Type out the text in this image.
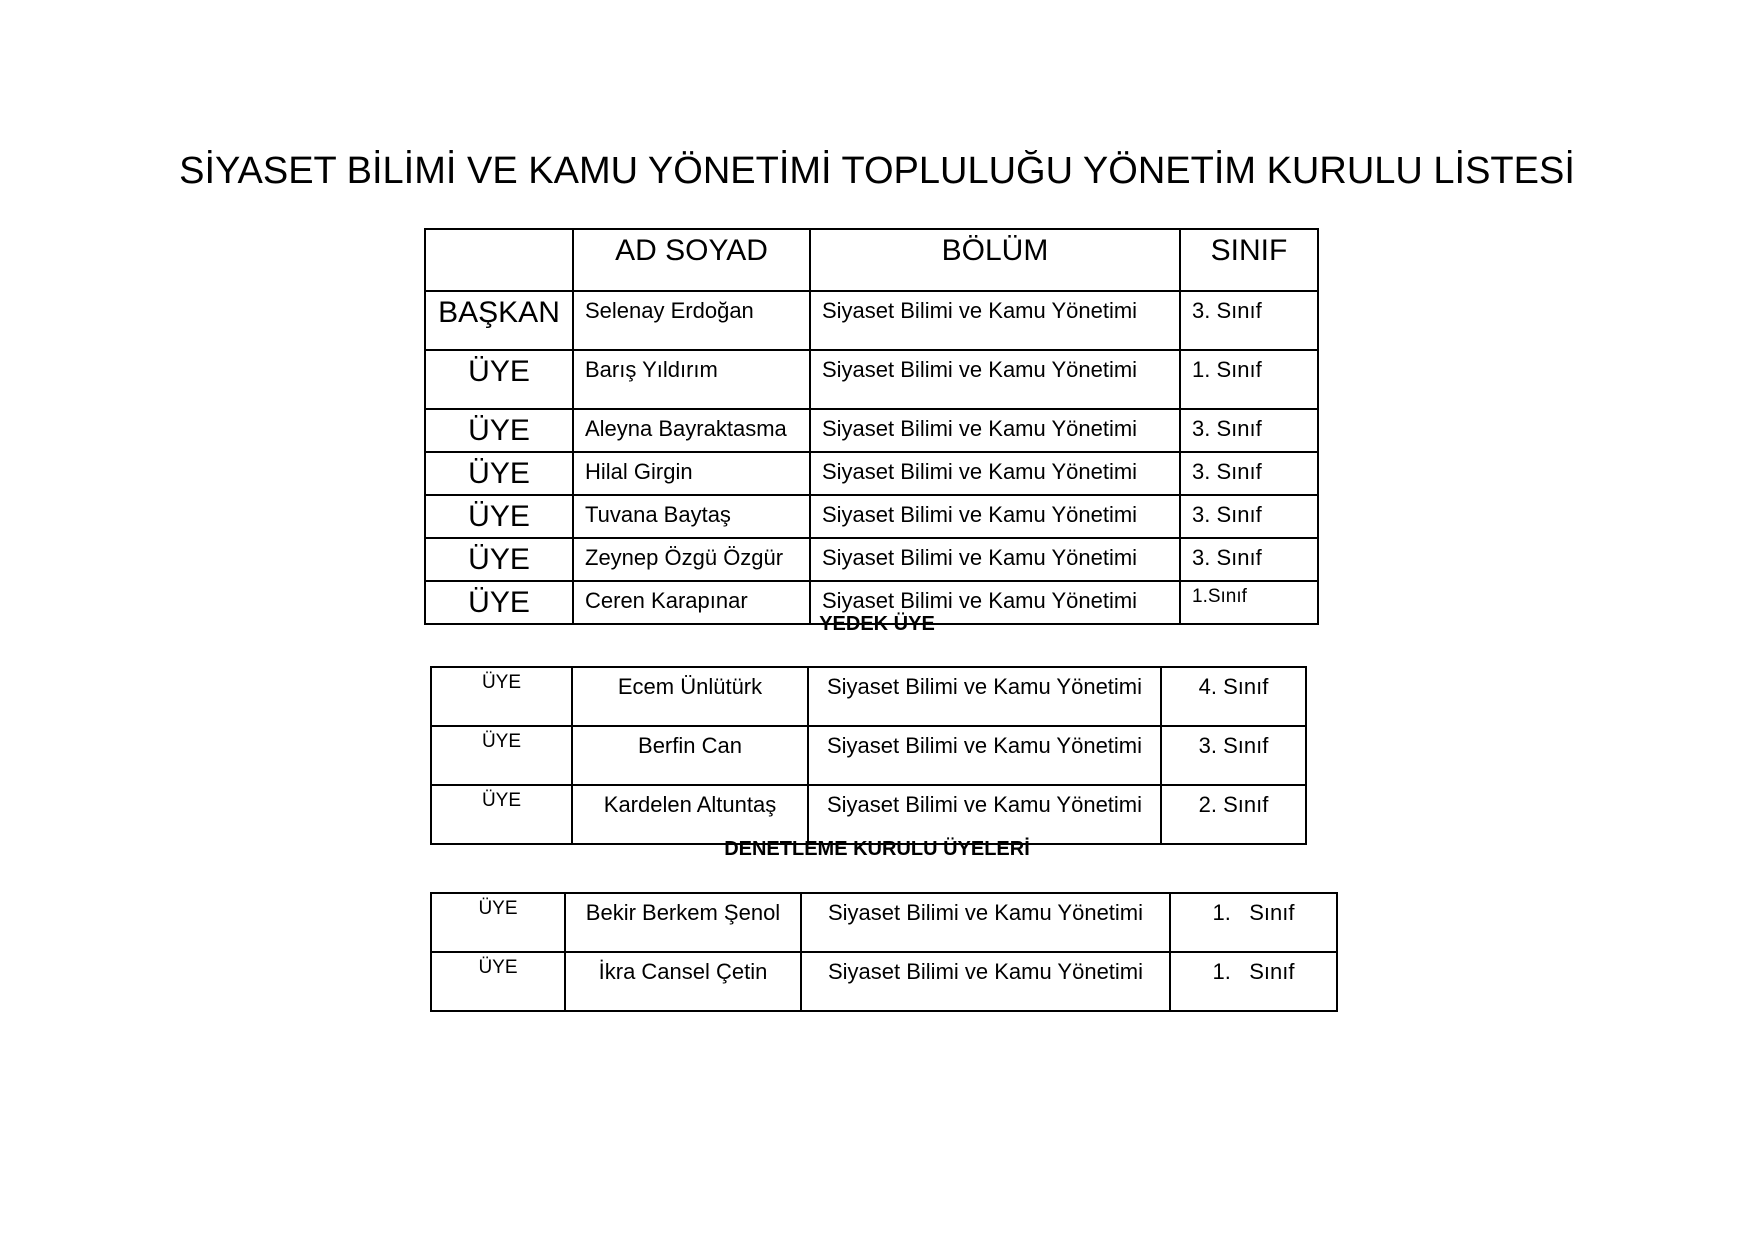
SİYASET BİLİMİ VE KAMU YÖNETİMİ TOPLULUĞU YÖNETİM KURULU LİSTESİ
	AD SOYAD	BÖLÜM	SINIF
BAŞKAN	Selenay Erdoğan	Siyaset Bilimi ve Kamu Yönetimi	3. Sınıf
ÜYE	Barış Yıldırım	Siyaset Bilimi ve Kamu Yönetimi	1. Sınıf
ÜYE	Aleyna Bayraktasma	Siyaset Bilimi ve Kamu Yönetimi	3. Sınıf
ÜYE	Hilal Girgin	Siyaset Bilimi ve Kamu Yönetimi	3. Sınıf
ÜYE	Tuvana Baytaş	Siyaset Bilimi ve Kamu Yönetimi	3. Sınıf
ÜYE	Zeynep Özgü Özgür	Siyaset Bilimi ve Kamu Yönetimi	3. Sınıf
ÜYE	Ceren Karapınar	Siyaset Bilimi ve Kamu Yönetimi	1.Sınıf
YEDEK ÜYE
ÜYE	Ecem Ünlütürk	Siyaset Bilimi ve Kamu Yönetimi	4. Sınıf
ÜYE	Berfin Can	Siyaset Bilimi ve Kamu Yönetimi	3. Sınıf
ÜYE	Kardelen Altuntaş	Siyaset Bilimi ve Kamu Yönetimi	2. Sınıf
DENETLEME KURULU ÜYELERİ
ÜYE	Bekir Berkem Şenol	Siyaset Bilimi ve Kamu Yönetimi	1.   Sınıf
ÜYE	İkra Cansel Çetin	Siyaset Bilimi ve Kamu Yönetimi	1.   Sınıf
